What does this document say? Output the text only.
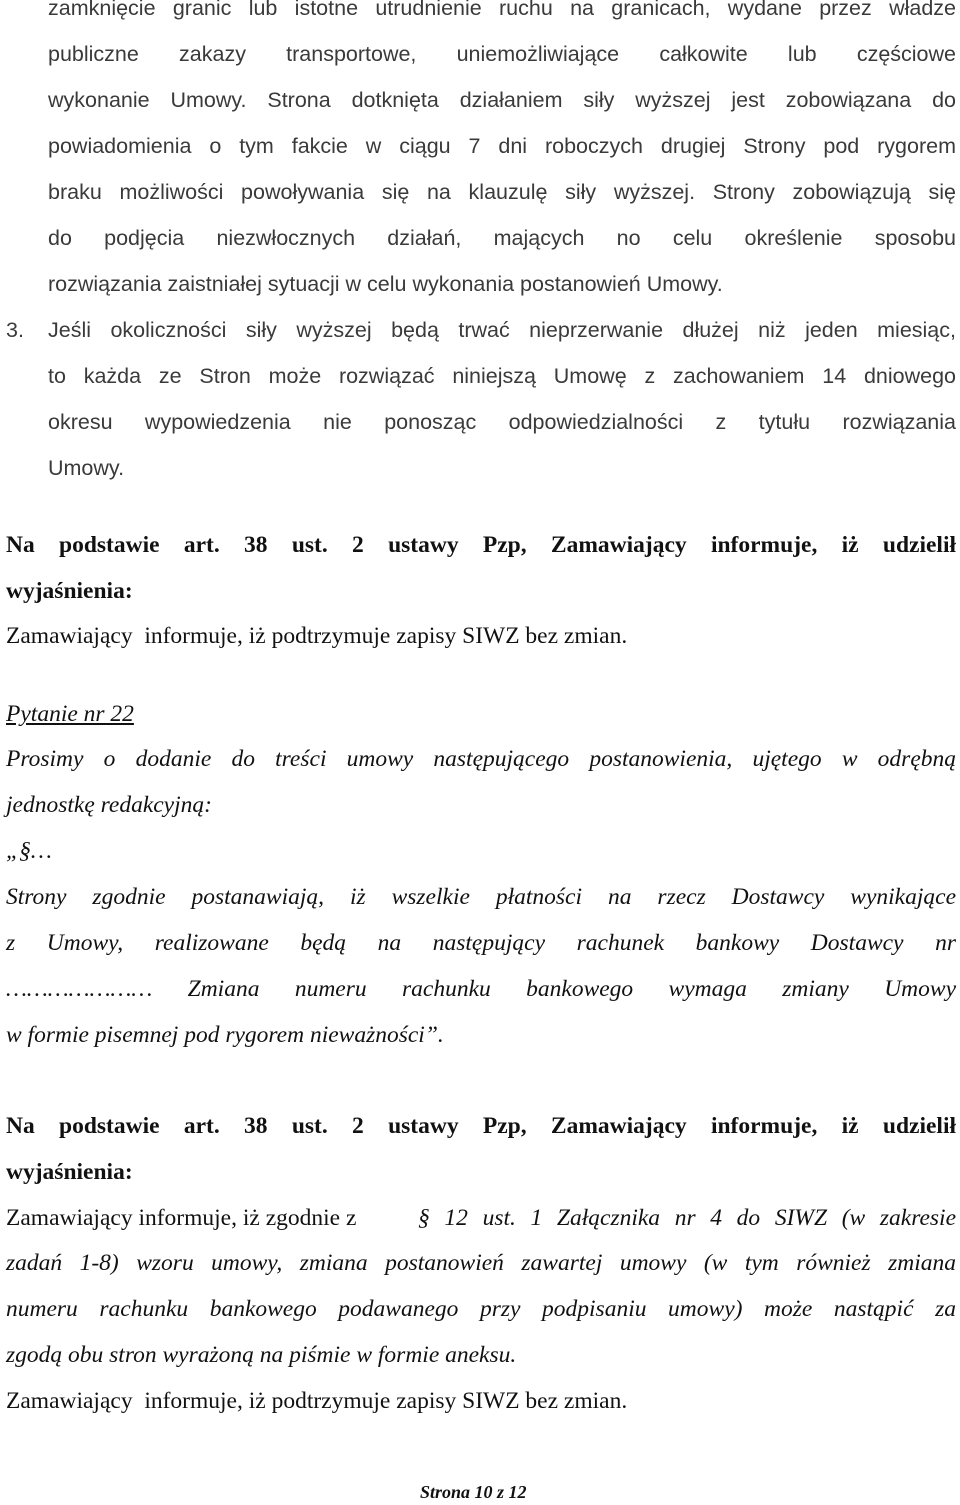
zamknięcie granic lub istotne utrudnienie ruchu na granicach, wydane przez władze
publiczne zakazy transportowe, uniemożliwiające całkowite lub częściowe
wykonanie Umowy. Strona dotknięta działaniem siły wyższej jest zobowiązana do
powiadomienia o tym fakcie w ciągu 7 dni roboczych drugiej Strony pod rygorem
braku możliwości powoływania się na klauzulę siły wyższej. Strony zobowiązują się
do podjęcia niezwłocznych działań, mających no celu określenie sposobu
rozwiązania zaistniałej sytuacji w celu wykonania postanowień Umowy.
3. Jeśli okoliczności siły wyższej będą trwać nieprzerwanie dłużej niż jeden miesiąc,
to każda ze Stron może rozwiązać niniejszą Umowę z zachowaniem 14 dniowego
okresu wypowiedzenia nie ponosząc odpowiedzialności z tytułu rozwiązania
Umowy.
Na podstawie art. 38 ust. 2 ustawy Pzp, Zamawiający informuje, iż udzielił
wyjaśnienia:
Zamawiający  informuje, iż podtrzymuje zapisy SIWZ bez zmian.
Pytanie nr 22
Prosimy o dodanie do treści umowy następującego postanowienia, ujętego w odrębną
jednostkę redakcyjną:
„§…
Strony zgodnie postanawiają, iż wszelkie płatności na rzecz Dostawcy wynikające
z Umowy, realizowane będą na następujący rachunek bankowy Dostawcy nr
………………… Zmiana numeru rachunku bankowego wymaga zmiany Umowy
w formie pisemnej pod rygorem nieważności”.
Na podstawie art. 38 ust. 2 ustawy Pzp, Zamawiający informuje, iż udzielił
wyjaśnienia:
Zamawiający informuje, iż zgodnie z	§ 12 ust. 1 Załącznika nr 4 do SIWZ (w zakresie
zadań 1-8) wzoru umowy, zmiana postanowień zawartej umowy (w tym również zmiana
numeru rachunku bankowego podawanego przy podpisaniu umowy) może nastąpić za
zgodą obu stron wyrażoną na piśmie w formie aneksu.
Zamawiający  informuje, iż podtrzymuje zapisy SIWZ bez zmian.
Strona 10 z 12
